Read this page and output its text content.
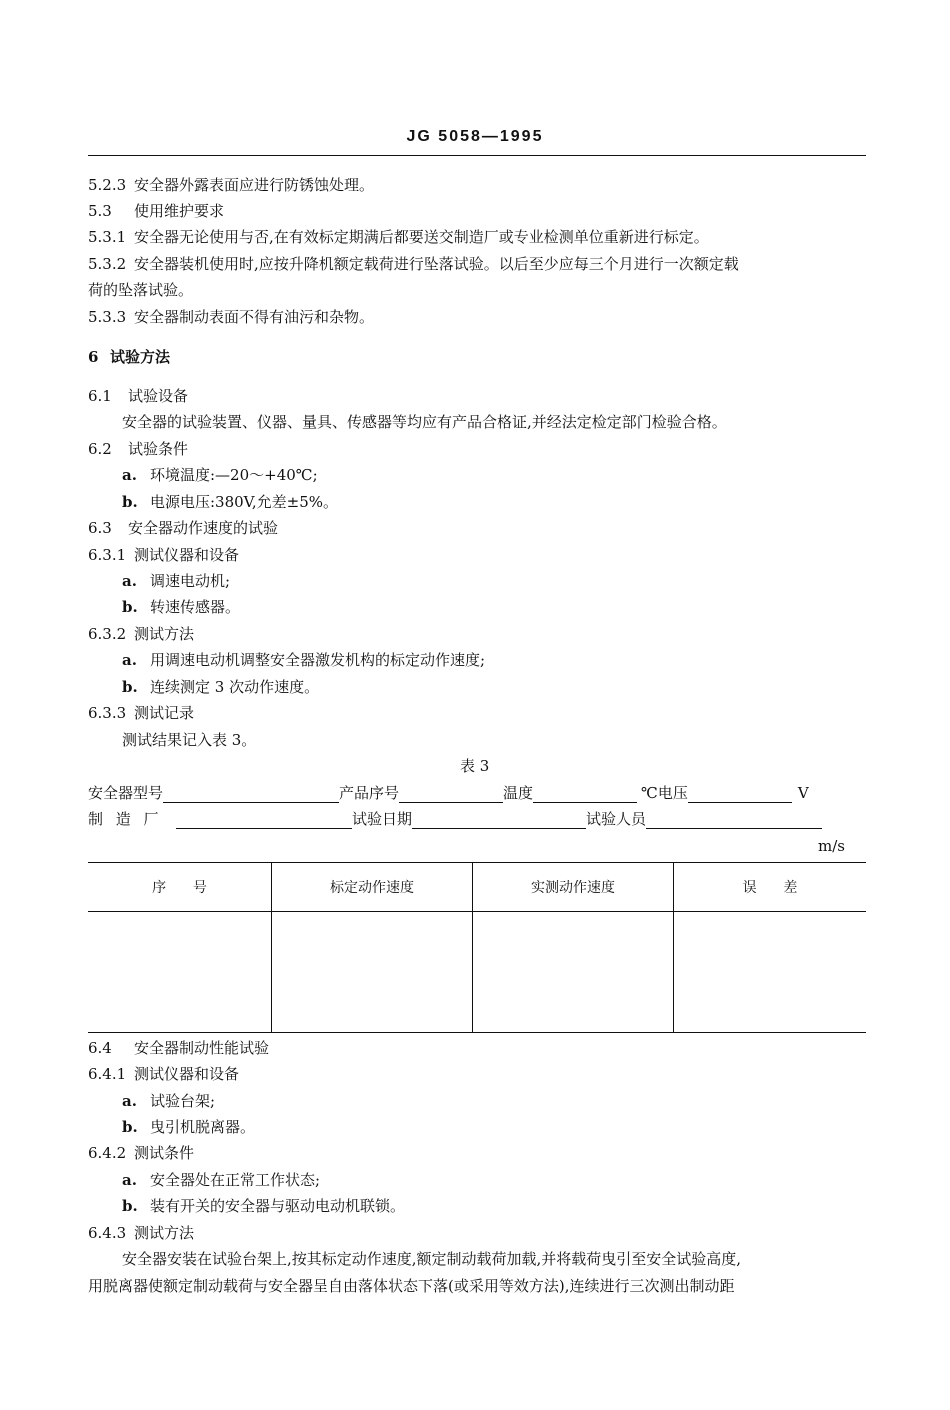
JG 5058—1995
5.2.3 安全器外露表面应进行防锈蚀处理。
5.3 使用维护要求
5.3.1 安全器无论使用与否,在有效标定期满后都要送交制造厂或专业检测单位重新进行标定。
5.3.2 安全器装机使用时,应按升降机额定载荷进行坠落试验。以后至少应每三个月进行一次额定载
荷的坠落试验。
5.3.3 安全器制动表面不得有油污和杂物。
6 试验方法
6.1 试验设备
安全器的试验装置、仪器、量具、传感器等均应有产品合格证,并经法定检定部门检验合格。
6.2 试验条件
a. 环境温度:—20～+40℃;
b. 电源电压:380V,允差±5%。
6.3 安全器动作速度的试验
6.3.1 测试仪器和设备
a. 调速电动机;
b. 转速传感器。
6.3.2 测试方法
a. 用调速电动机调整安全器激发机构的标定动作速度;
b. 连续测定 3 次动作速度。
6.3.3 测试记录
测试结果记入表 3。
表 3
安全器型号	产品序号	温度	℃电压	V
制 造 厂	试验日期	试验人员
m/s
序      号	标定动作速度	实测动作速度	误      差

6.4 安全器制动性能试验
6.4.1 测试仪器和设备
a. 试验台架;
b. 曳引机脱离器。
6.4.2 测试条件
a. 安全器处在正常工作状态;
b. 装有开关的安全器与驱动电动机联锁。
6.4.3 测试方法
安全器安装在试验台架上,按其标定动作速度,额定制动载荷加载,并将载荷曳引至安全试验高度,
用脱离器使额定制动载荷与安全器呈自由落体状态下落(或采用等效方法),连续进行三次测出制动距
